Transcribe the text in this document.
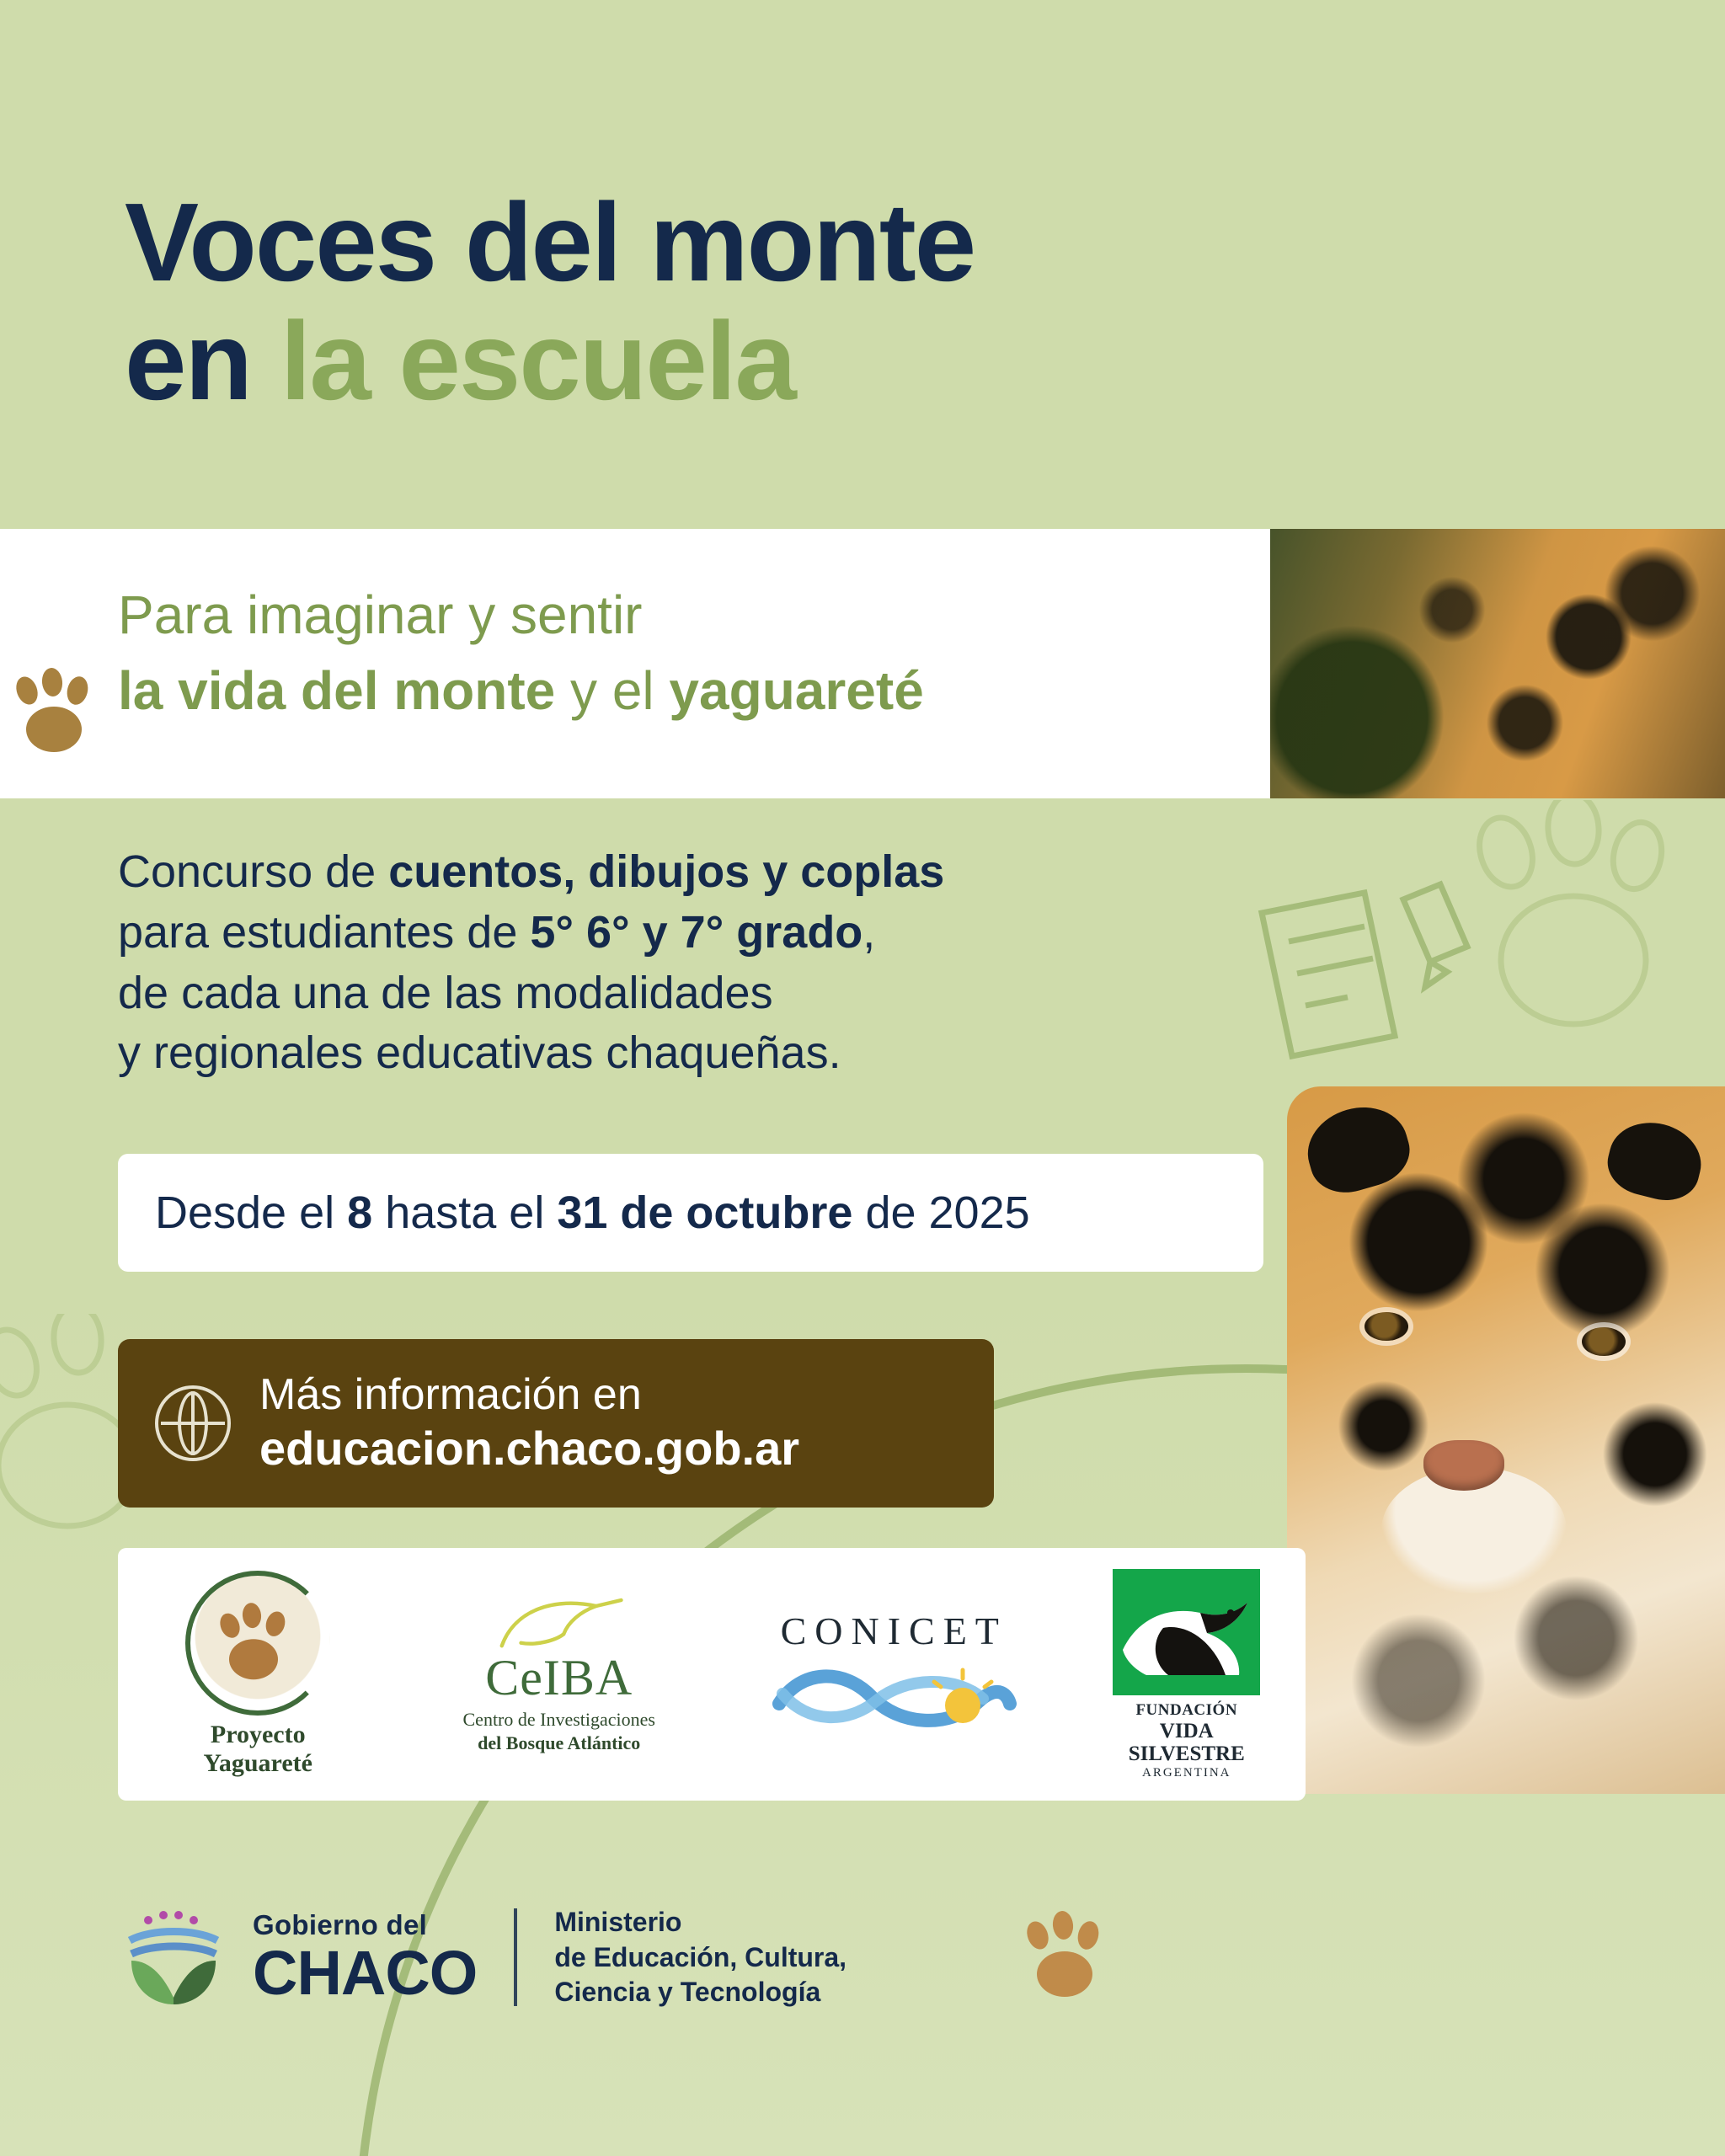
Voces del monte
en la escuela

Para imaginar y sentir

la vida del monte y el yaguareté

Concurso de cuentos, dibujos y coplas

para estudiantes de 5° 6° y 7° grado,

de cada una de las modalidades

y regionales educativas chaqueñas.

Desde el 8 hasta el 31 de octubre de 2025
Más información en
educacion.chaco.gob.ar
Proyecto
Yaguareté
CeIBA
Centro de Investigaciones
del Bosque Atlántico
CONICET
FUNDACIÓN
VIDA SILVESTRE
ARGENTINA
Gobierno del
CHACO
Ministerio
de Educación, Cultura,
Ciencia y Tecnología
